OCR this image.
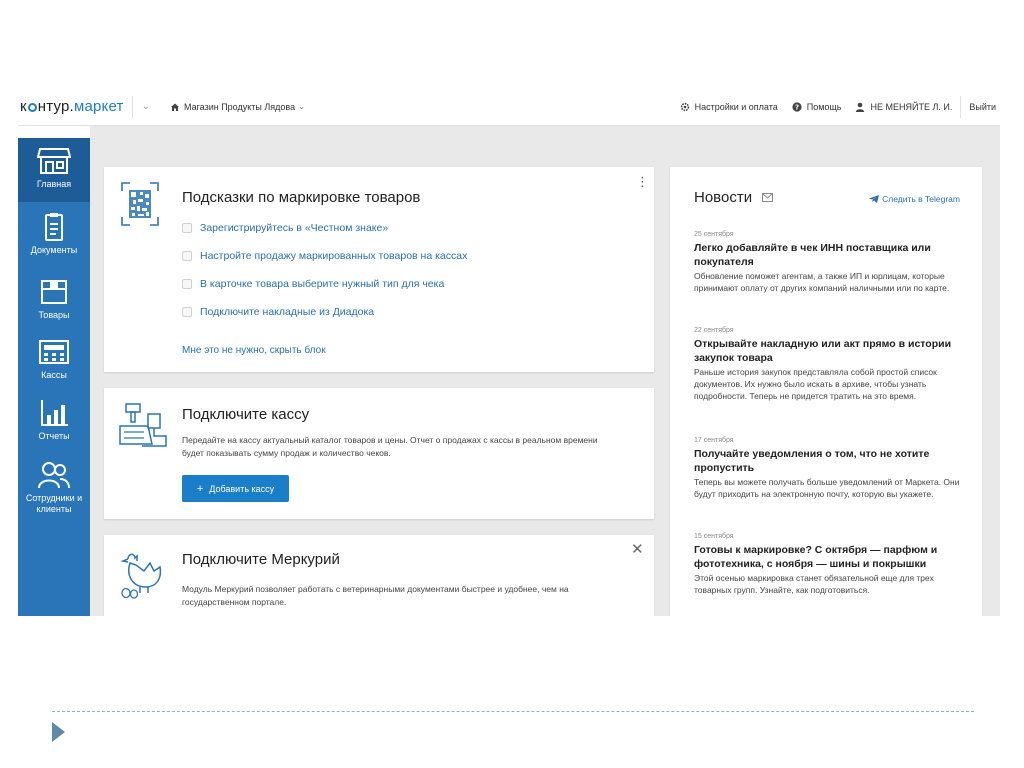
к нтур. маркет ⌄	Магазин Продукты Лядова ⌄	Настройки и оплата ? Помощь	НЕ МЕНЯЙТЕ Л. И. Выйти
Главная
Документы
Товары
Кассы
Отчеты
Сотрудники и клиенты
Подсказки по маркировке товаров
⋮
Зарегистрируйтесь в «Честном знаке»
Настройте продажу маркированных товаров на кассах
В карточке товара выберите нужный тип для чека
Подключите накладные из Диадока
Мне это не нужно, скрыть блок
Подключите кассу
Передайте на кассу актуальный каталог товаров и цены. Отчет о продажах с кассы в реальном времени будет показывать сумму продаж и количество чеков.
+ Добавить кассу
Подключите Меркурий
✕
Модуль Меркурий позволяет работать с ветеринарными документами быстрее и удобнее, чем на государственном портале.
Новости	Следить в Telegram
25 сентября
Легко добавляйте в чек ИНН поставщика или покупателя
Обновление поможет агентам, а также ИП и юрлицам, которые принимают оплату от других компаний наличными или по карте.
22 сентября
Открывайте накладную или акт прямо в истории закупок товара
Раньше история закупок представляла собой простой список документов. Их нужно было искать в архиве, чтобы узнать подробности. Теперь не придется тратить на это время.
17 сентября
Получайте уведомления о том, что не хотите пропустить
Теперь вы можете получать больше уведомлений от Маркета. Они будут приходить на электронную почту, которую вы укажете.
15 сентября
Готовы к маркировке? С октября — парфюм и фототехника, с ноября — шины и покрышки
Этой осенью маркировка станет обязательной еще для трех товарных групп. Узнайте, как подготовиться.
